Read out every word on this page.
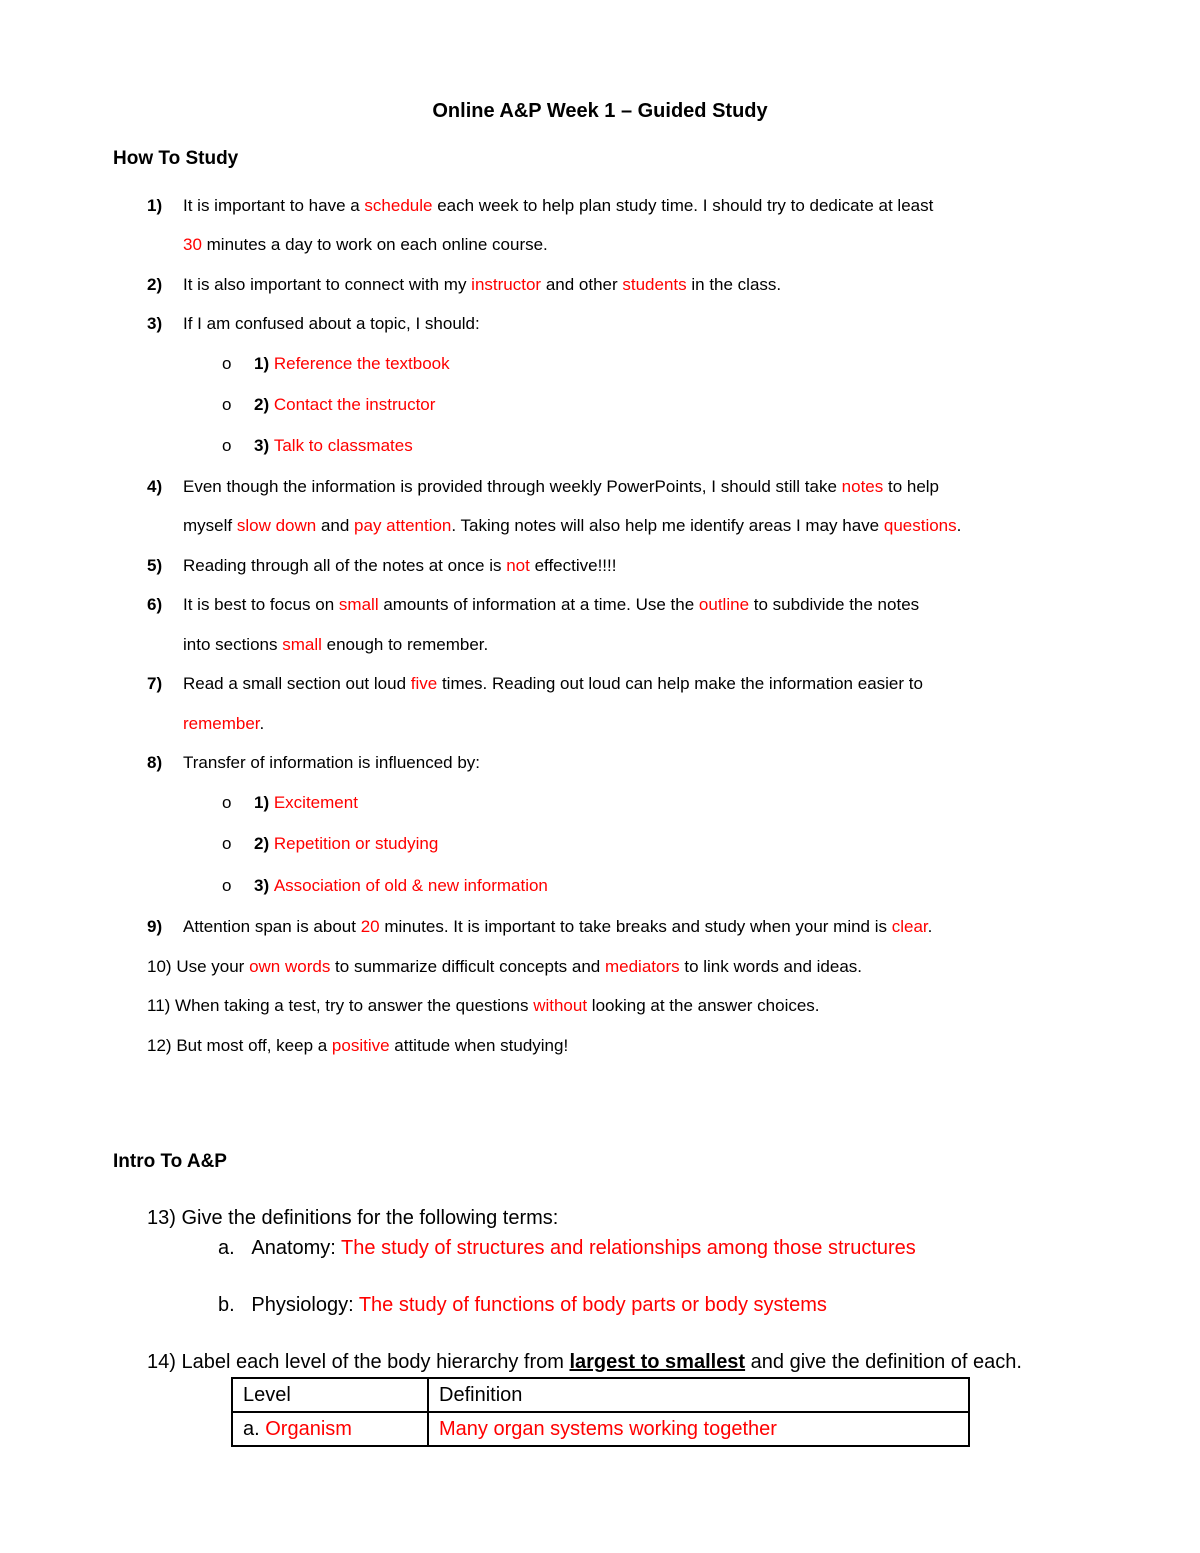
Online A&P Week 1 – Guided Study
How To Study
1) It is important to have a schedule each week to help plan study time. I should try to dedicate at least
30 minutes a day to work on each online course.
2) It is also important to connect with my instructor and other students in the class.
3) If I am confused about a topic, I should:
o 1) Reference the textbook
o 2) Contact the instructor
o 3) Talk to classmates
4) Even though the information is provided through weekly PowerPoints, I should still take notes to help
myself slow down and pay attention. Taking notes will also help me identify areas I may have questions.
5) Reading through all of the notes at once is not effective!!!!
6) It is best to focus on small amounts of information at a time. Use the outline to subdivide the notes
into sections small enough to remember.
7) Read a small section out loud five times. Reading out loud can help make the information easier to
remember.
8) Transfer of information is influenced by:
o 1) Excitement
o 2) Repetition or studying
o 3) Association of old & new information
9) Attention span is about 20 minutes. It is important to take breaks and study when your mind is clear.
10) Use your own words to summarize difficult concepts and mediators to link words and ideas.
11) When taking a test, try to answer the questions without looking at the answer choices.
12) But most off, keep a positive attitude when studying!
Intro To A&P
13) Give the definitions for the following terms:
a. Anatomy: The study of structures and relationships among those structures
b. Physiology: The study of functions of body parts or body systems
14) Label each level of the body hierarchy from largest to smallest and give the definition of each.
Level	Definition
a. Organism	Many organ systems working together
